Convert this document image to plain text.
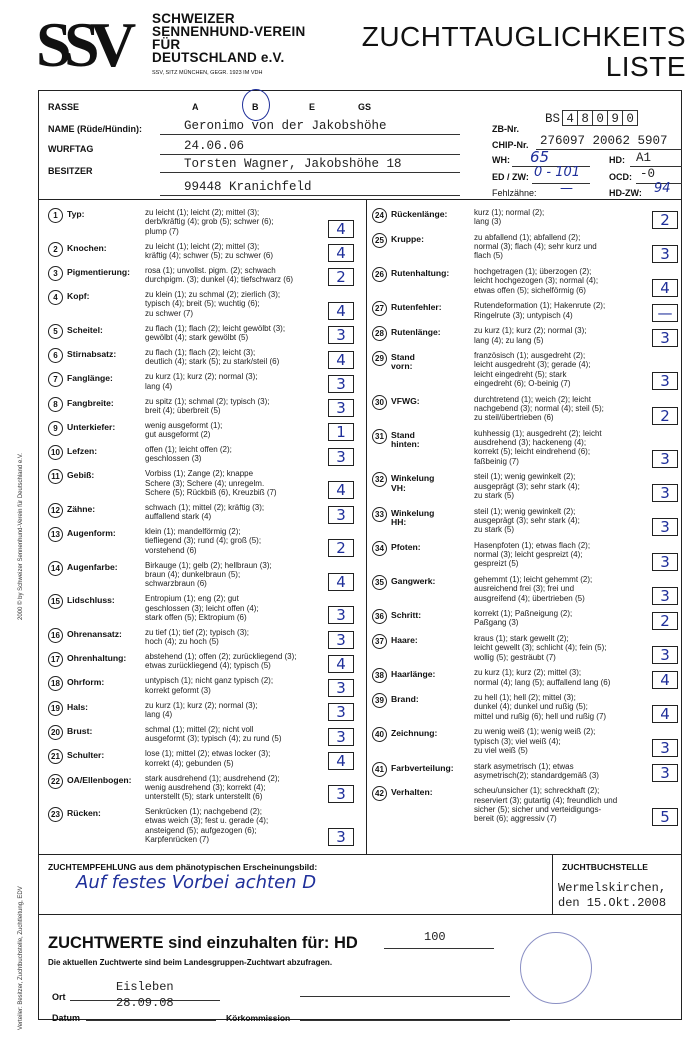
S
S
V SCHWEIZER
SENNENHUND-VEREIN
FÜR
DEUTSCHLAND e.V.
SSV, SITZ MÜNCHEN, GEGR. 1923 IM VDH
ZUCHTTAUGLICHKEITS
LISTE
RASSE	A	B	E	GS
NAME (Rüde/Hündin):	Geronimo von der Jakobshöhe
WURFTAG	24.06.06
BESITZER	Torsten Wagner, Jakobshöhe 18
99448 Kranichfeld
ZB-Nr.
BS 4 8 0 9 0
CHIP-Nr. 276097 20062 5907
WH: 65	HD: A1
ED / ZW: 0 - 101	OCD: -0
Fehlzähne: —	HD-ZW: 94
1	Typ:	zu leicht (1); leicht (2); mittel (3);
derb/kräftig (4); grob (5); schwer (6);
plump (7)	4
2	Knochen:	zu leicht (1); leicht (2); mittel (3);
kräftig (4); schwer (5); zu schwer (6)	4
3	Pigmentierung: rosa (1); unvollst. pigm. (2); schwach
durchpigm. (3); dunkel (4); tiefschwarz (6)	2
4	Kopf:	zu klein (1); zu schmal (2); zierlich (3);
typisch (4); breit (5); wuchtig (6);
zu schwer (7)	4
5	Scheitel:	zu flach (1); flach (2); leicht gewölbt (3);
gewölbt (4); stark gewölbt (5)	3
6	Stirnabsatz:	zu flach (1); flach (2); leicht (3);
deutlich (4); stark (5); zu stark/steil (6)	4
7	Fanglänge:	zu kurz (1); kurz (2); normal (3);
lang (4)	3
8	Fangbreite:	zu spitz (1); schmal (2); typisch (3);
breit (4); überbreit (5)	3
9	Unterkiefer:	wenig ausgeformt (1);
gut ausgeformt (2)	1
10 Lefzen:	offen (1); leicht offen (2);
geschlossen (3)	3
11 Gebiß:	Vorbiss (1); Zange (2); knappe
Schere (3); Schere (4); unregelm.
Schere (5); Rückbiß (6), Kreuzbiß (7)	4
12 Zähne:	schwach (1); mittel (2); kräftig (3);
auffallend stark (4)	3
13 Augenform:	klein (1); mandelförmig (2);
tiefliegend (3); rund (4); groß (5);
vorstehend (6)	2
14 Augenfarbe:	Birkauge (1); gelb (2); hellbraun (3);
braun (4); dunkelbraun (5);
schwarzbraun (6)	4
15 Lidschluss:	Entropium (1); eng (2); gut
geschlossen (3); leicht offen (4);
stark offen (5); Ektropium (6)	3
16 Ohrenansatz:	zu tief (1); tief (2); typisch (3);
hoch (4); zu hoch (5)	3
17 Ohrenhaltung: abstehend (1); offen (2); zurückliegend (3);
etwas zurückliegend (4); typisch (5)	4
18 Ohrform:	untypisch (1); nicht ganz typisch (2);
korrekt geformt (3)	3
19 Hals:	zu kurz (1); kurz (2); normal (3);
lang (4)	3
20 Brust:	schmal (1); mittel (2); nicht voll
ausgeformt (3); typisch (4); zu rund (5)	3
21 Schulter:	lose (1); mittel (2); etwas locker (3);
korrekt (4); gebunden (5)	4
22 OA/Ellenbogen: stark ausdrehend (1); ausdrehend (2);
wenig ausdrehend (3); korrekt (4);
unterstellt (5); stark unterstellt (6)	3
23 Rücken:	Senkrücken (1); nachgebend (2);
etwas weich (3); fest u. gerade (4);
ansteigend (5); aufgezogen (6);
Karpfenrücken (7)	3
24 Rückenlänge:	kurz (1); normal (2);
lang (3)	2
25 Kruppe:	zu abfallend (1); abfallend (2);
normal (3); flach (4); sehr kurz und
flach (5)	3
26 Rutenhaltung:	hochgetragen (1); überzogen (2);
leicht hochgezogen (3); normal (4);
etwas offen (5); sichelförmig (6)	4
27 Rutenfehler:	Rutendeformation (1); Hakenrute (2);
Ringelrute (3); untypisch (4)	—
28 Rutenlänge:	zu kurz (1); kurz (2); normal (3);
lang (4); zu lang (5)	3
29 Stand vorn:
französisch (1); ausgedreht (2);
leicht ausgedreht (3); gerade (4);
leicht eingedreht (5); stark
eingedreht (6); O-beinig (7)	3
30 VFWG:	durchtretend (1); weich (2); leicht
nachgebend (3); normal (4); steil (5);
zu steil/übertrieben (6)	2
31 Stand hinten:
kuhhessig (1); ausgedreht (2); leicht
ausdrehend (3); hackeneng (4);
korrekt (5); leicht eindrehend (6);
faßbeinig (7)	3
32 Winkelung VH:
steil (1); wenig gewinkelt (2);
ausgeprägt (3); sehr stark (4);
zu stark (5)	3
33 Winkelung HH:
steil (1); wenig gewinkelt (2);
ausgeprägt (3); sehr stark (4);
zu stark (5)	3
34 Pfoten:	Hasenpfoten (1); etwas flach (2);
normal (3); leicht gespreizt (4);
gespreizt (5)	3
35 Gangwerk:	gehemmt (1); leicht gehemmt (2);
ausreichend frei (3); frei und
ausgreifend (4); übertrieben (5)	3
36 Schritt:	korrekt (1); Paßneigung (2);
Paßgang (3)	2
37 Haare:	kraus (1); stark gewellt (2);
leicht gewellt (3); schlicht (4); fein (5);
wollig (5); gesträubt (7)	3
38 Haarlänge:	zu kurz (1); kurz (2); mittel (3);
normal (4); lang (5); auffallend lang (6)	4
39 Brand:	zu hell (1); hell (2); mittel (3);
dunkel (4); dunkel und rußig (5);
mittel und rußig (6); hell und rußig (7)	4
40 Zeichnung:	zu wenig weiß (1); wenig weiß (2);
typisch (3); viel weiß (4);
zu viel weiß (5)	3
41 Farbverteilung:	stark asymetrisch (1); etwas
asymetrisch(2); standardgemäß (3)	3
42 Verhalten:	scheu/unsicher (1); schreckhaft (2);
reserviert (3); gutartig (4); freundlich und
sicher (5); sicher und verteidigungs-
bereit (6); aggressiv (7)	5
ZUCHTEMPFEHLUNG aus dem phänotypischen Erscheinungsbild:
Auf festes Vorbei achten D
ZUCHTBUCHSTELLE
Wermelskirchen,
den 15.Okt.2008
ZUCHTWERTE sind einzuhalten für: HD	100
Die aktuellen Zuchtwerte sind beim Landesgruppen-Zuchtwart abzufragen.
Ort
Eisleben
Datum
28.09.08
Körkommission
2000 © by Schweizer Sennenhund-Verein für Deutschland e.V.
Verteiler: Besitzer, Zuchtbuchstelle, Zuchtleitung, EDV
